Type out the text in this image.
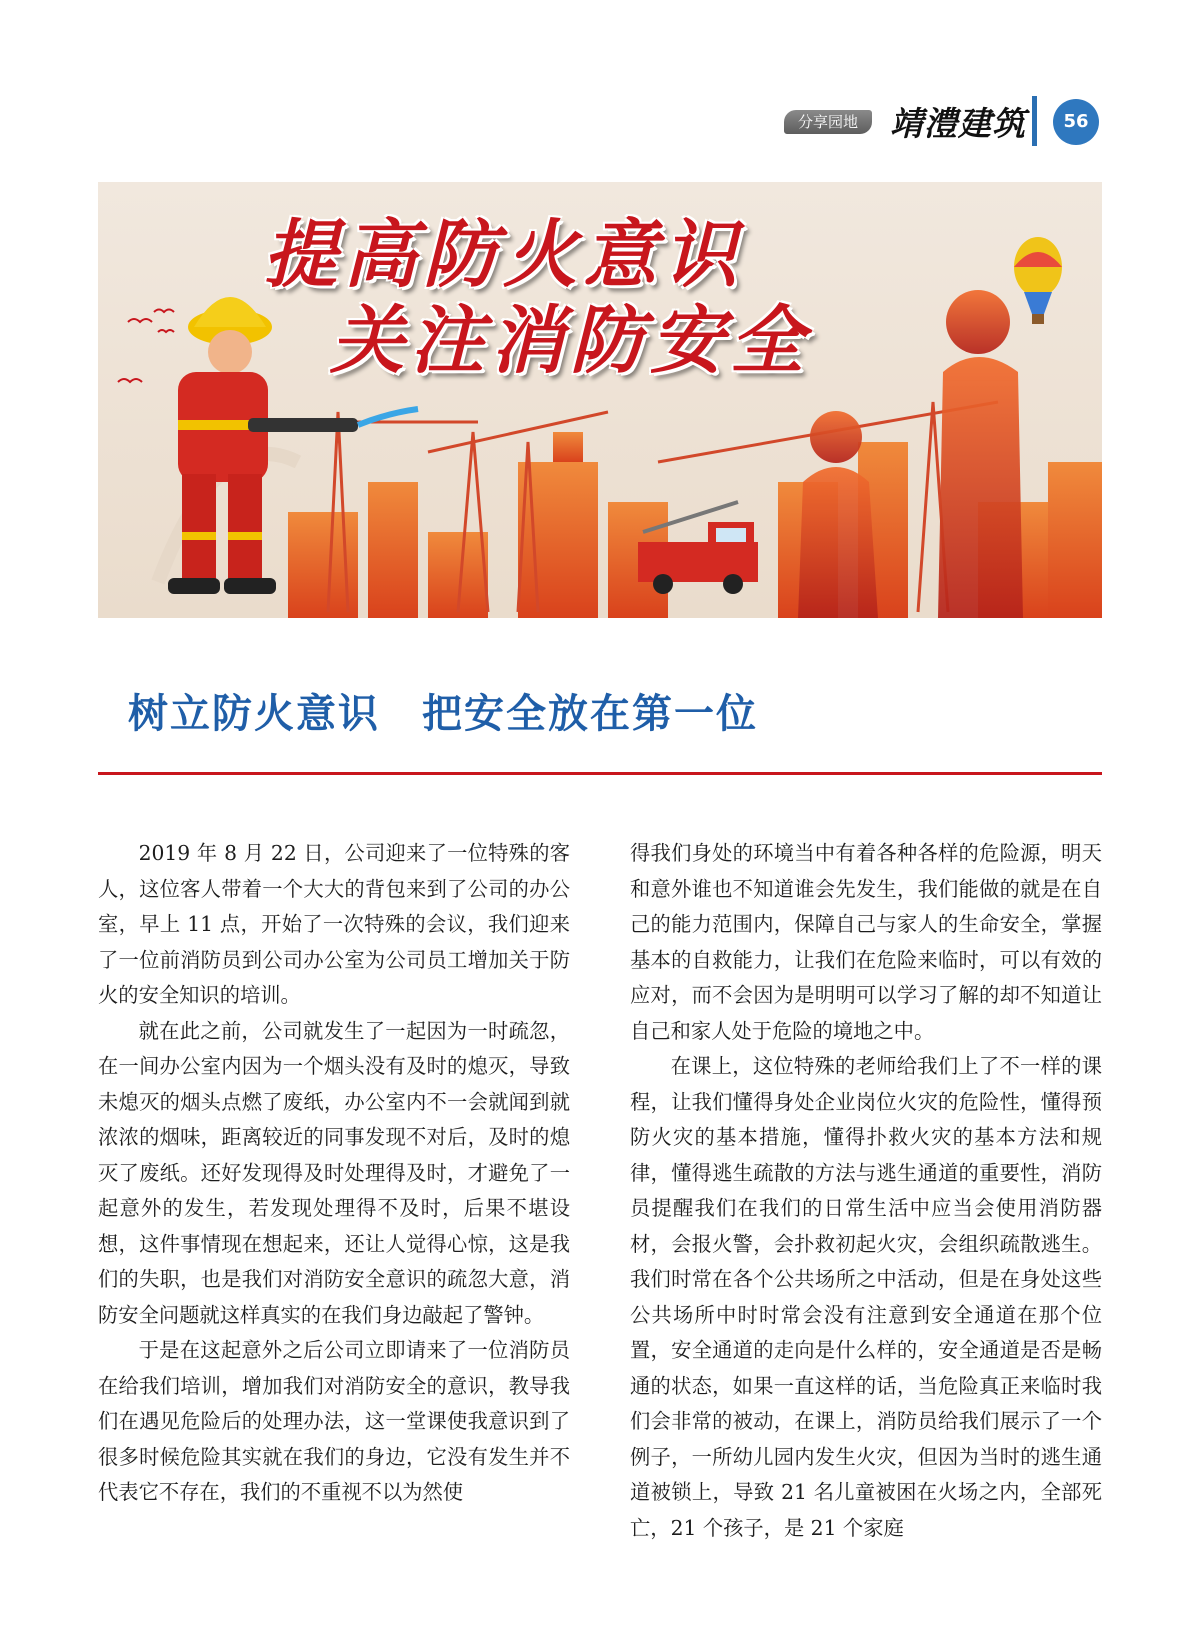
分享园地 靖澧建筑	56
提高防火意识
关注消防安全
树立防火意识　把安全放在第一位

2019 年 8 月 22 日，公司迎来了一位特殊的客人，这位客人带着一个大大的背包来到了公司的办公室，早上 11 点，开始了一次特殊的会议，我们迎来了一位前消防员到公司办公室为公司员工增加关于防火的安全知识的培训。

就在此之前，公司就发生了一起因为一时疏忽，在一间办公室内因为一个烟头没有及时的熄灭，导致未熄灭的烟头点燃了废纸，办公室内不一会就闻到就浓浓的烟味，距离较近的同事发现不对后，及时的熄灭了废纸。还好发现得及时处理得及时，才避免了一起意外的发生，若发现处理得不及时，后果不堪设想，这件事情现在想起来，还让人觉得心惊，这是我们的失职，也是我们对消防安全意识的疏忽大意，消防安全问题就这样真实的在我们身边敲起了警钟。

于是在这起意外之后公司立即请来了一位消防员在给我们培训，增加我们对消防安全的意识，教导我们在遇见危险后的处理办法，这一堂课使我意识到了很多时候危险其实就在我们的身边，它没有发生并不代表它不存在，我们的不重视不以为然使

得我们身处的环境当中有着各种各样的危险源，明天和意外谁也不知道谁会先发生，我们能做的就是在自己的能力范围内，保障自己与家人的生命安全，掌握基本的自救能力，让我们在危险来临时，可以有效的应对，而不会因为是明明可以学习了解的却不知道让自己和家人处于危险的境地之中。

在课上，这位特殊的老师给我们上了不一样的课程，让我们懂得身处企业岗位火灾的危险性，懂得预防火灾的基本措施，懂得扑救火灾的基本方法和规律，懂得逃生疏散的方法与逃生通道的重要性，消防员提醒我们在我们的日常生活中应当会使用消防器材，会报火警，会扑救初起火灾，会组织疏散逃生。我们时常在各个公共场所之中活动，但是在身处这些公共场所中时时常会没有注意到安全通道在那个位置，安全通道的走向是什么样的，安全通道是否是畅通的状态，如果一直这样的话，当危险真正来临时我们会非常的被动，在课上，消防员给我们展示了一个例子，一所幼儿园内发生火灾，但因为当时的逃生通道被锁上，导致 21 名儿童被困在火场之内，全部死亡，21 个孩子，是 21 个家庭
